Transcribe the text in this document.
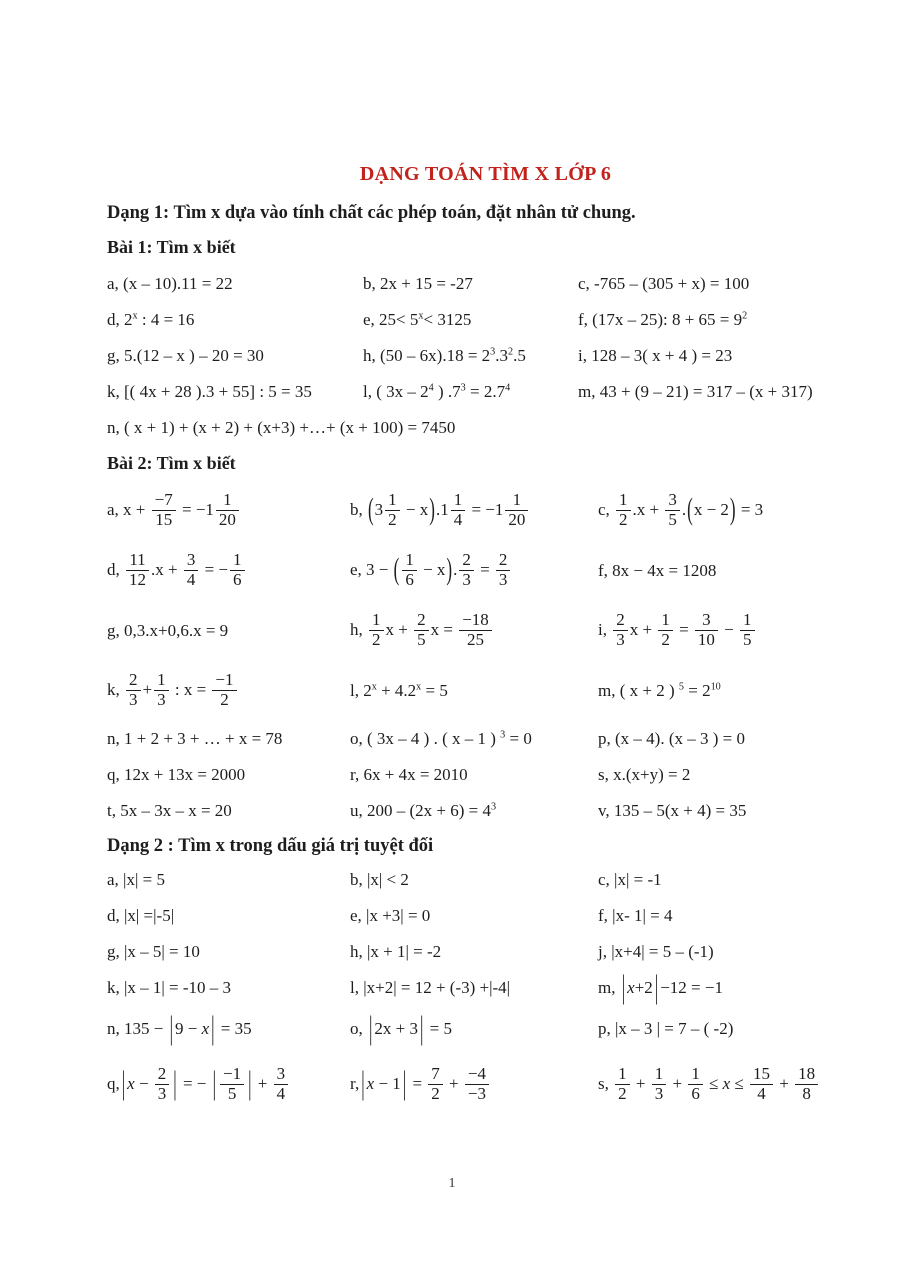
DẠNG TOÁN TÌM X LỚP 6
Dạng 1: Tìm x dựa vào tính chất các phép toán, đặt nhân tử chung.
Bài 1: Tìm x biết
a, (x – 10).11 = 22	b, 2x + 15 = -27	c, -765 – (305 + x) = 100
d, 2$^x$ : 4 = 16	e, $25< 5^x< 3125$	f, (17x – 25): $8 + 65 = 9^2$
g, 5.(12 – x ) – 20 = 30	h, $(50 - 6x).18 = 2^3.3^2.5$	i, 128 – 3( x + 4 ) = 23
k, [( 4x + 28 ).3 + 55] : 5 = 35	l, ( $3x - 2^4$ ) $.7^3 = 2.7^4$	m, 43 + (9 – 21) = 317 – (x + 317)
n, ( x + 1) + (x + 2) + (x+3) +…+ (x + 100) = 7450
Bài 2: Tìm x biết
a, $x + \frac{-7}{15} = -1 \frac{1}{20}$	b, $(3 \frac{1}{2} - x).1 \frac{1}{4} = -1 \frac{1}{20}$	c, $\frac{1}{2} .x + \frac{3}{5} .(x - 2) = 3$
d, $\frac{11}{12} .x + \frac{3}{4}$ = − $\frac{1}{6}$	e, 3 − ( $\frac{1}{6} - x$). $\frac{2}{3} = \frac{2}{3}$	f, 8x − 4x = 1208
g, 0,3.x+0,6.x = 9	h, $\frac{1}{2}$ $x + \frac{2}{5}$ $x = \frac{-18}{25}$	i, $\frac{2}{3}$ $x + \frac{1}{2} = \frac{3}{10} - \frac{1}{5}$
k, $\frac{2}{3} + \frac{1}{3}$ : $x = \frac{-1}{2}$	l, $2^x + 4.2^x = 5$	m, ( x + 2 ) $^5 = 2^{10}$
n, 1 + 2 + 3 + … + x = 78	o, ( 3x – 4 ) . ( x – 1 ) $^3$ = 0	p, (x – 4). (x – 3 ) = 0
q, 12x + 13x = 2000	r, 6x + 4x = 2010	s, x.(x+y) = 2
t, 5x – 3x – x = 20	u, $200 - (2x + 6) = 4^3$	v, 135 – 5(x + 4) = 35
Dạng 2 : Tìm x trong dấu giá trị tuyệt đối
a, |x| = 5	b, |x| < 2	c, |x| = -1
d, |x| =|-5|	e, |x +3| = 0	f, |x- 1| = 4
g, |x – 5| = 10	h, |x + 1| = -2	j, |x+4| = 5 – (-1)
k, |x – 1| = -10 – 3	l, |x+2| = 12 + (-3) +|-4|	m, | x+2 | −12 = −1
n, 135 − | 9 − x | = 35	o, | 2x + 3 | = 5	p, |x – 3 | = 7 – ( -2)
q, | $x - \frac{2}{3}$ | = − | $\frac{-1}{5}$ | + $\frac{3}{4}$	r, | x − 1 | = $\frac{7}{2} + \frac{-4}{-3}$	s, $\frac{1}{2} + \frac{1}{3} + \frac{1}{6} \le x \le \frac{15}{4} + \frac{18}{8}$
1
